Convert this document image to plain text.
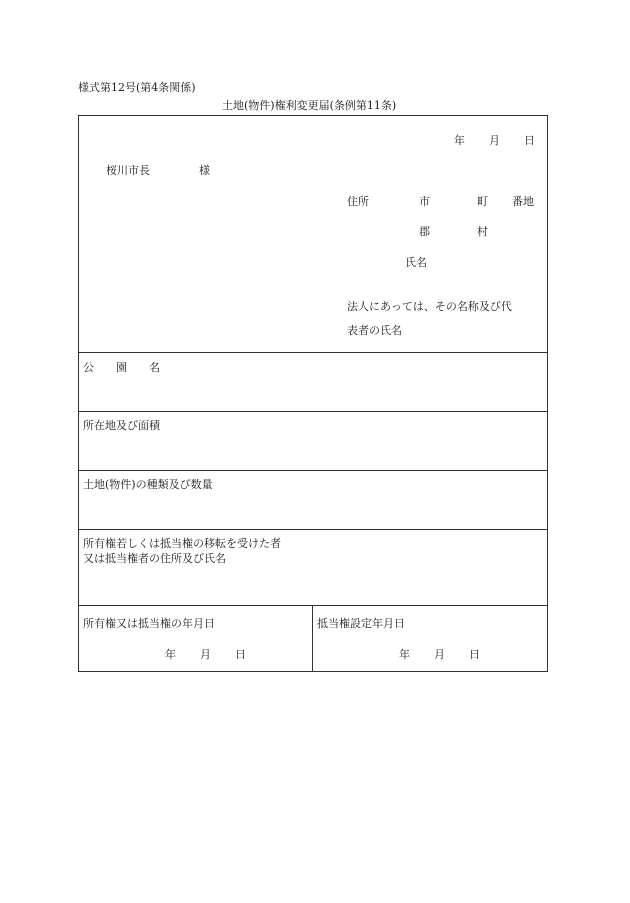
様式第12号(第4条関係)
土地(物件)権利変更届(条例第11条)
年 月 日
桜川市長	様
住所	市	町 番地
郡	村
氏名
法人にあっては、その名称及び代
表者の氏名
公　　園　　名
所在地及び面積
土地(物件)の種類及び数量
所有権若しくは抵当権の移転を受けた者
又は抵当権者の住所及び氏名
所有権又は抵当権の年月日
年 月 日
抵当権設定年月日
年 月 日
